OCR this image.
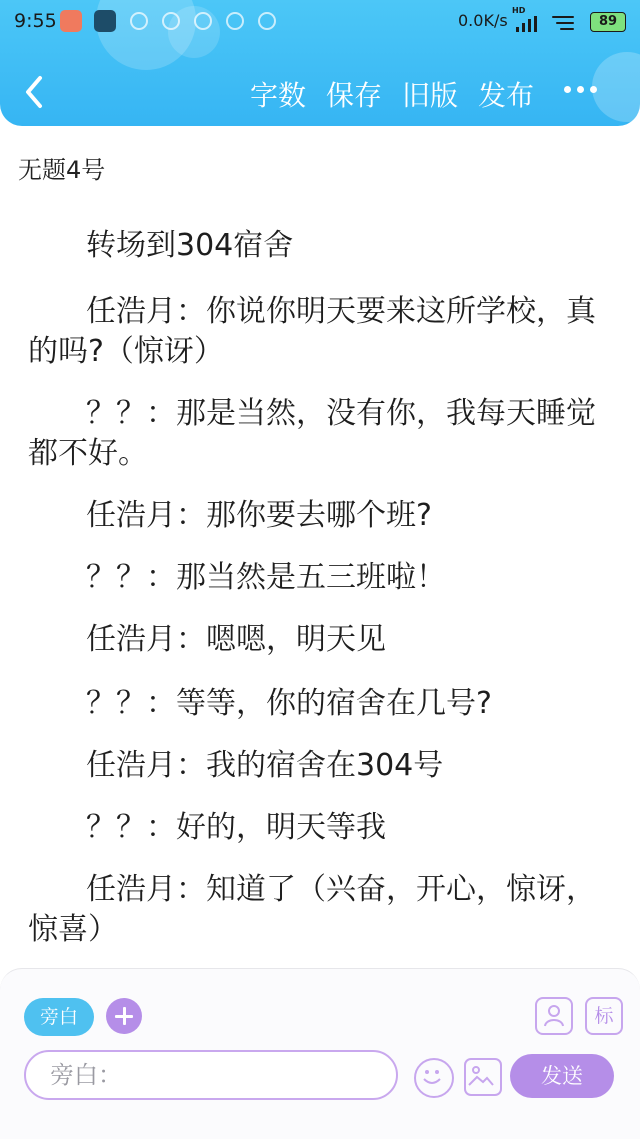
9:55	0.0K/s
HD
89
字数 保存 旧版 发布
无题4号
转场到304宿舍
任浩月：你说你明天要来这所学校，真的吗?（惊讶）
？？：那是当然，没有你，我每天睡觉都不好。
任浩月：那你要去哪个班?
？？：那当然是五三班啦！
任浩月：嗯嗯，明天见
？？：等等，你的宿舍在几号?
任浩月：我的宿舍在304号
？？：好的，明天等我
任浩月：知道了（兴奋，开心，惊讶，惊喜）
旁白	标
旁白：
发送
